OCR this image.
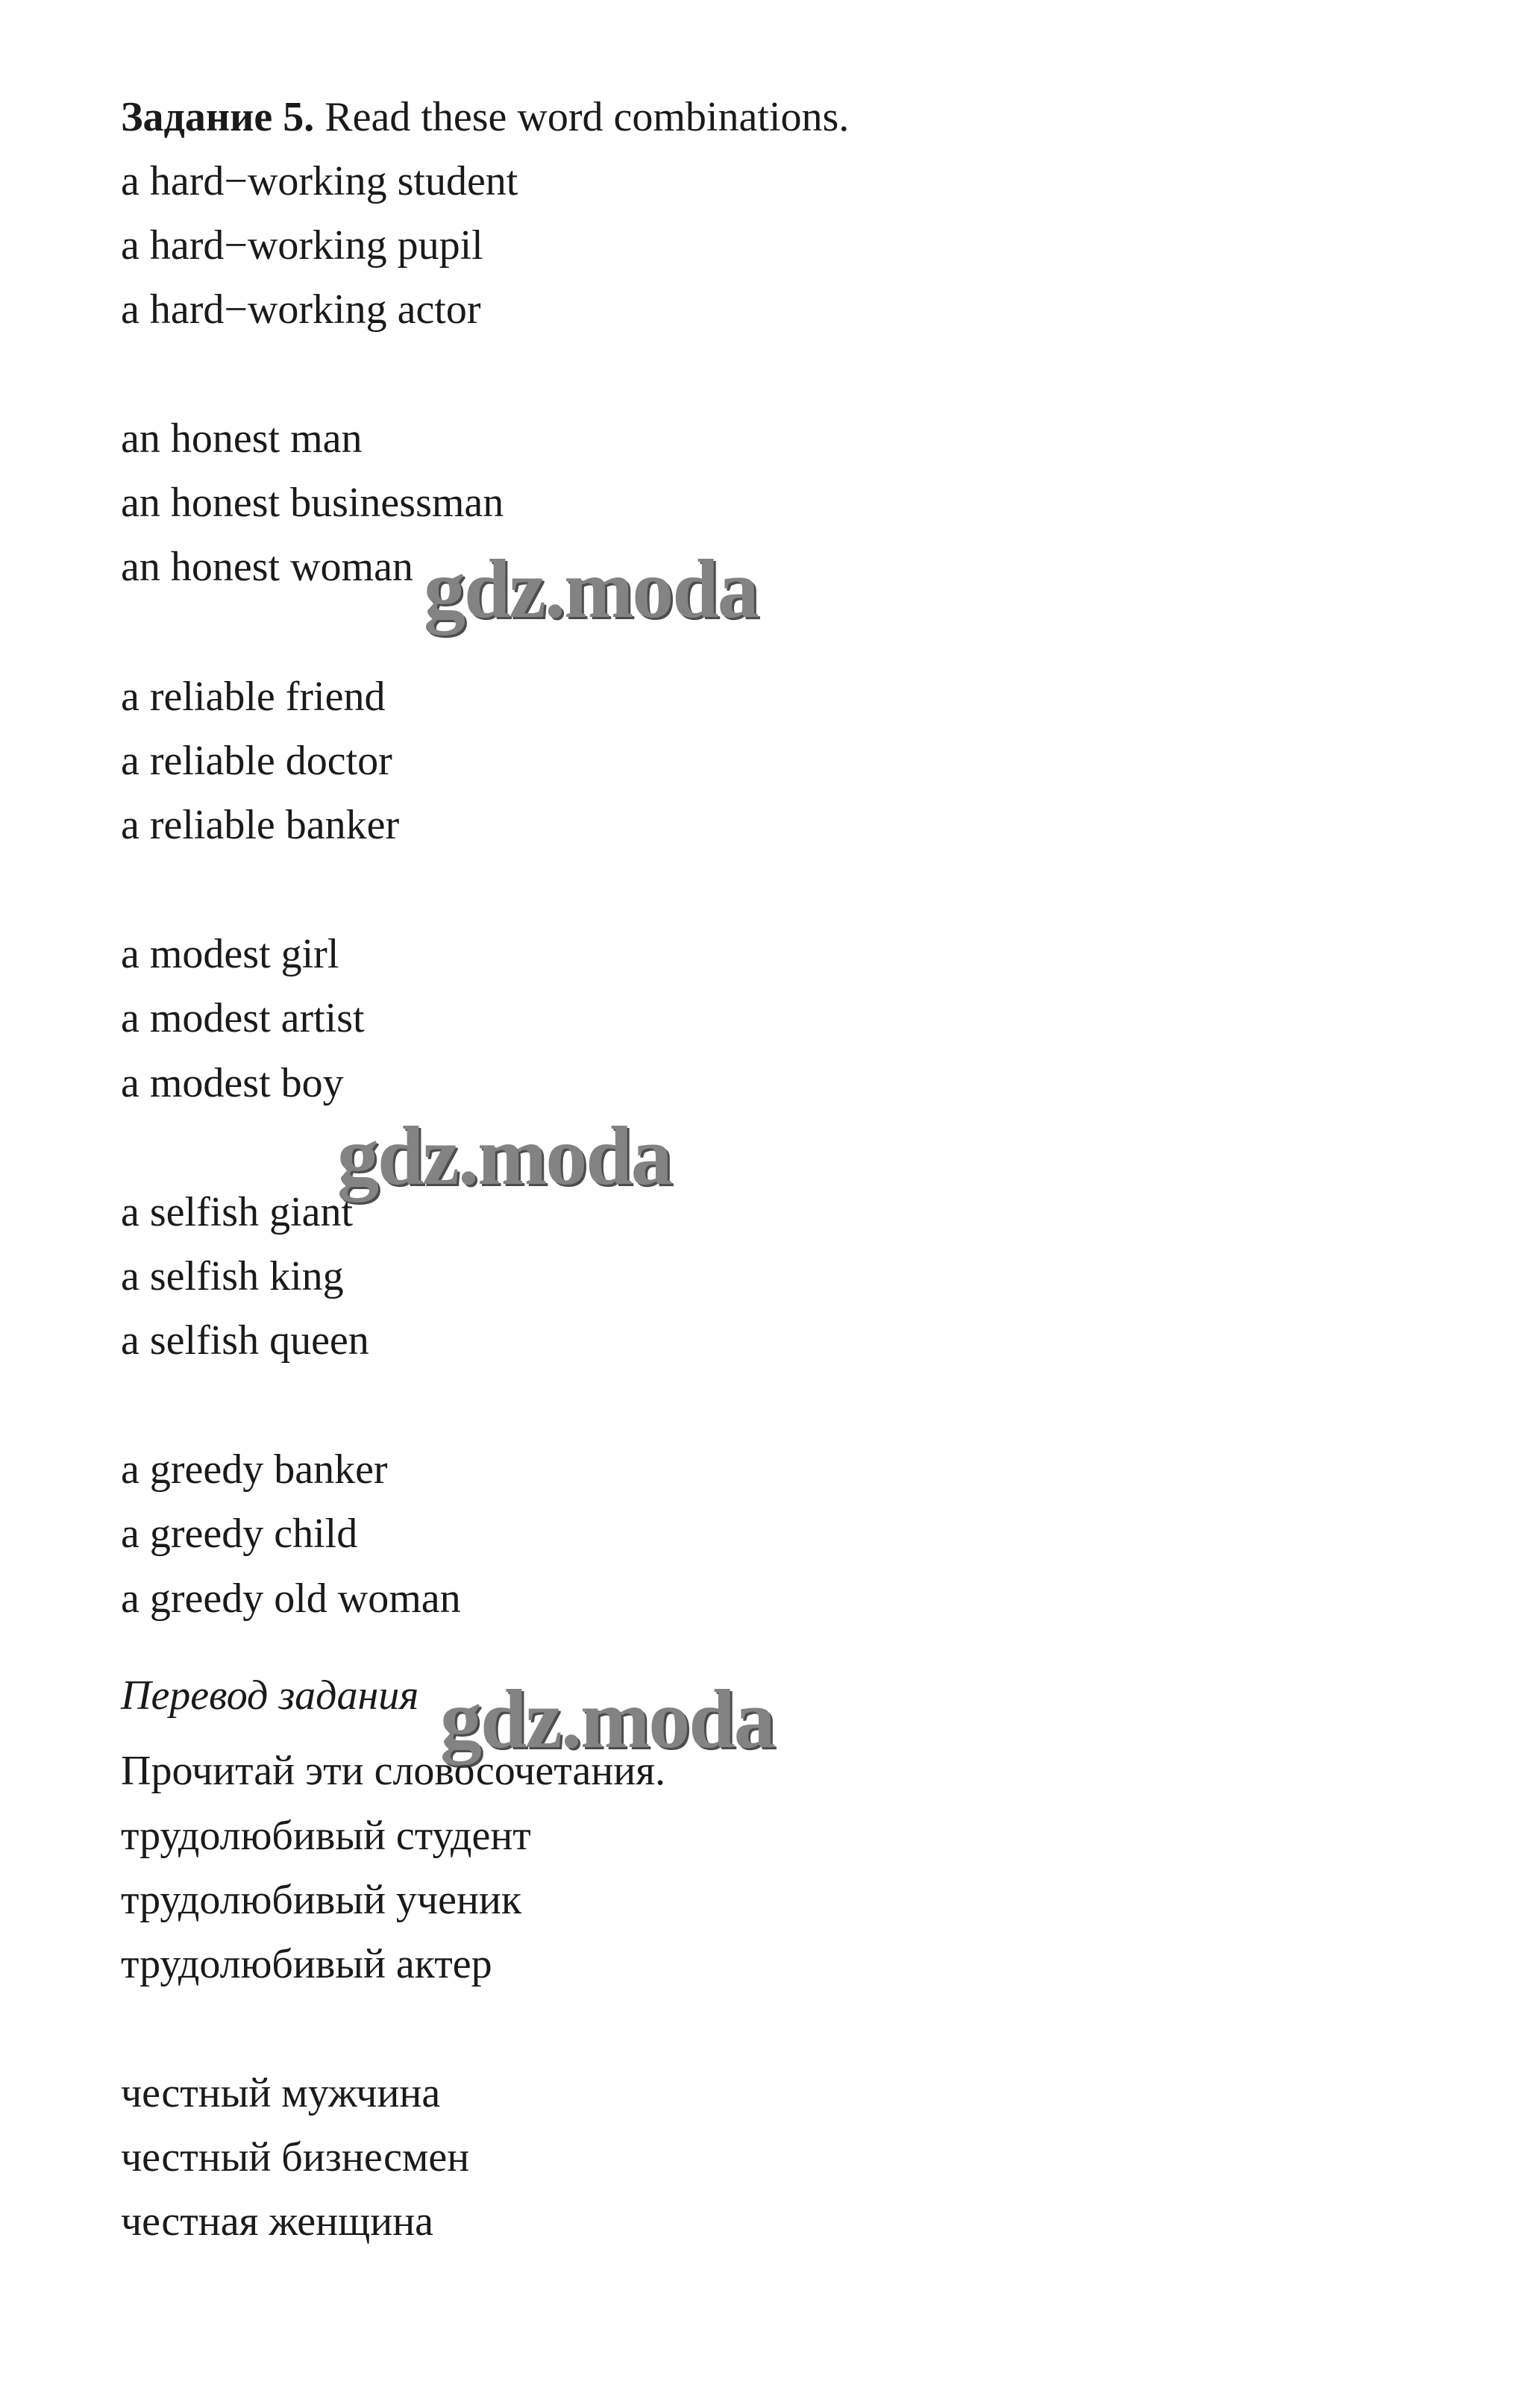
Задание 5. Read these word combinations.
a hard−working student
a hard−working pupil
a hard−working actor
an honest man
an honest businessman
an honest woman
a reliable friend
a reliable doctor
a reliable banker
a modest girl
a modest artist
a modest boy
a selfish giant
a selfish king
a selfish queen
a greedy banker
a greedy child
a greedy old woman
Перевод задания
Прочитай эти словосочетания.
трудолюбивый студент
трудолюбивый ученик
трудолюбивый актер
честный мужчина
честный бизнесмен
честная женщина
gdz.moda
gdz.moda
gdz.moda
